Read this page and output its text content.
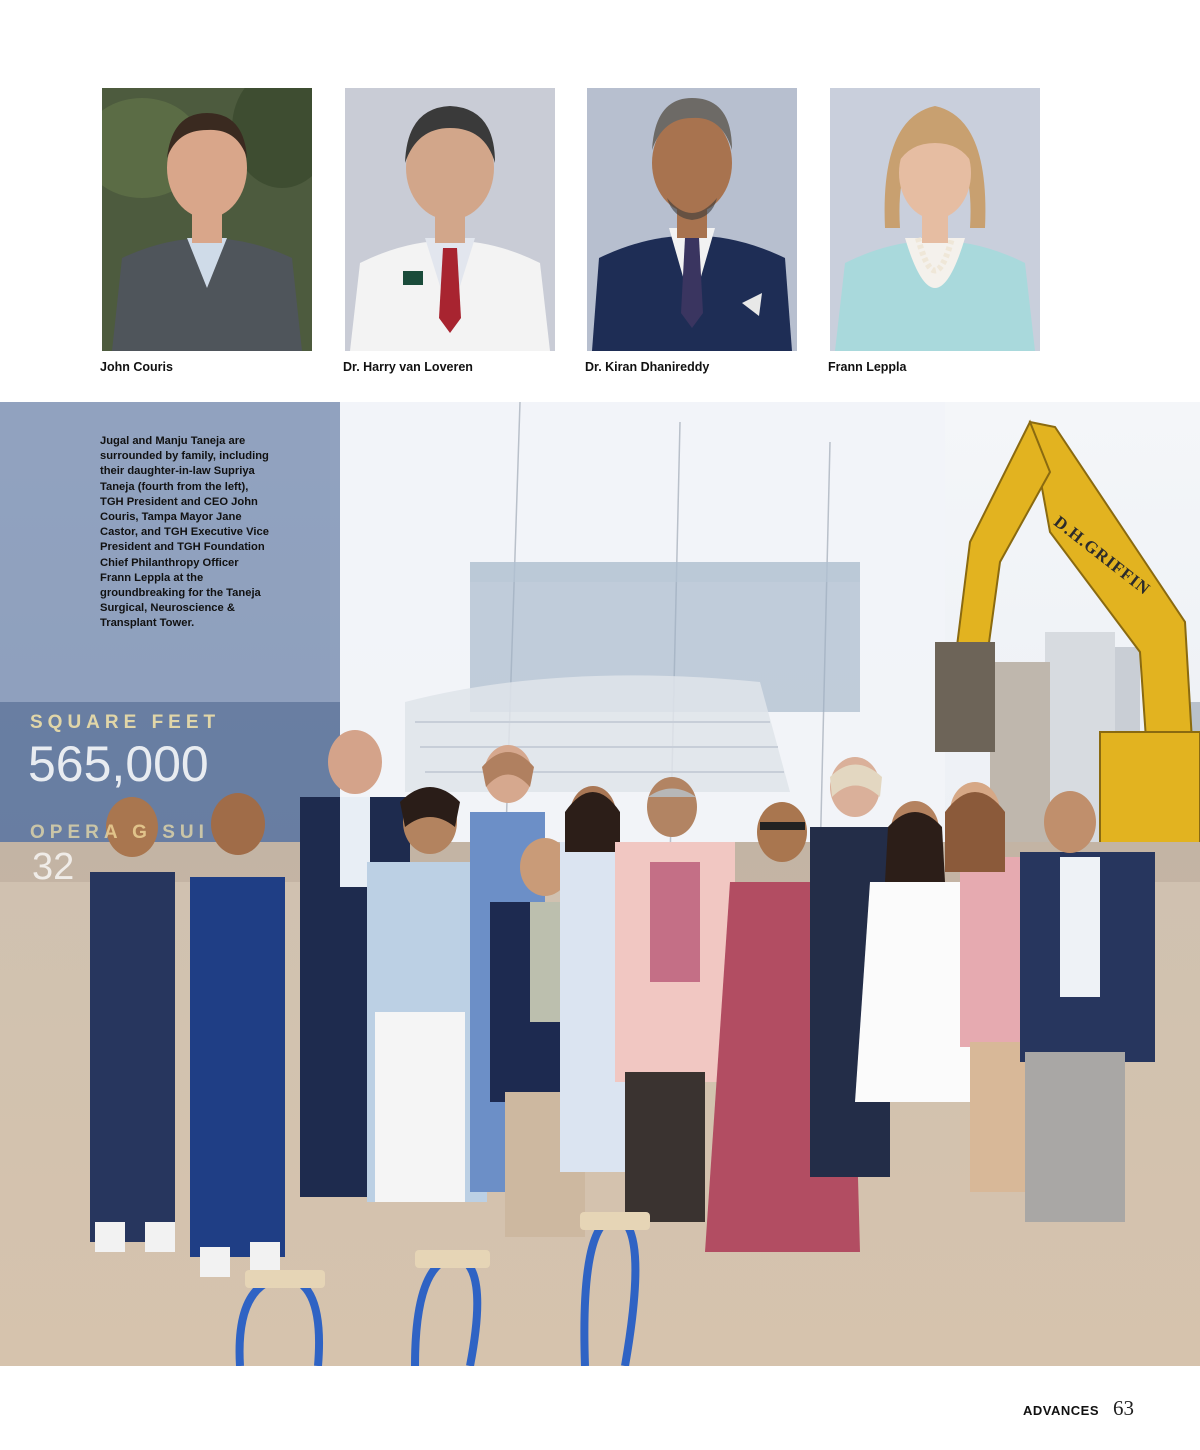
John Couris	Dr. Harry van Loveren	Dr. Kiran Dhanireddy	Frann Leppla
SQUARE FEET
565,000
OPERA G SUI
32
D.H.GRIFFIN

Jugal and Manju Taneja are surrounded by family, including their daughter-in-law Supriya Taneja (fourth from the left), TGH President and CEO John Couris, Tampa Mayor Jane Castor, and TGH Executive Vice President and TGH Foundation Chief Philanthropy Officer Frann Leppla at the groundbreaking for the Taneja Surgical, Neuroscience & Transplant Tower.

ADVANCES 63
